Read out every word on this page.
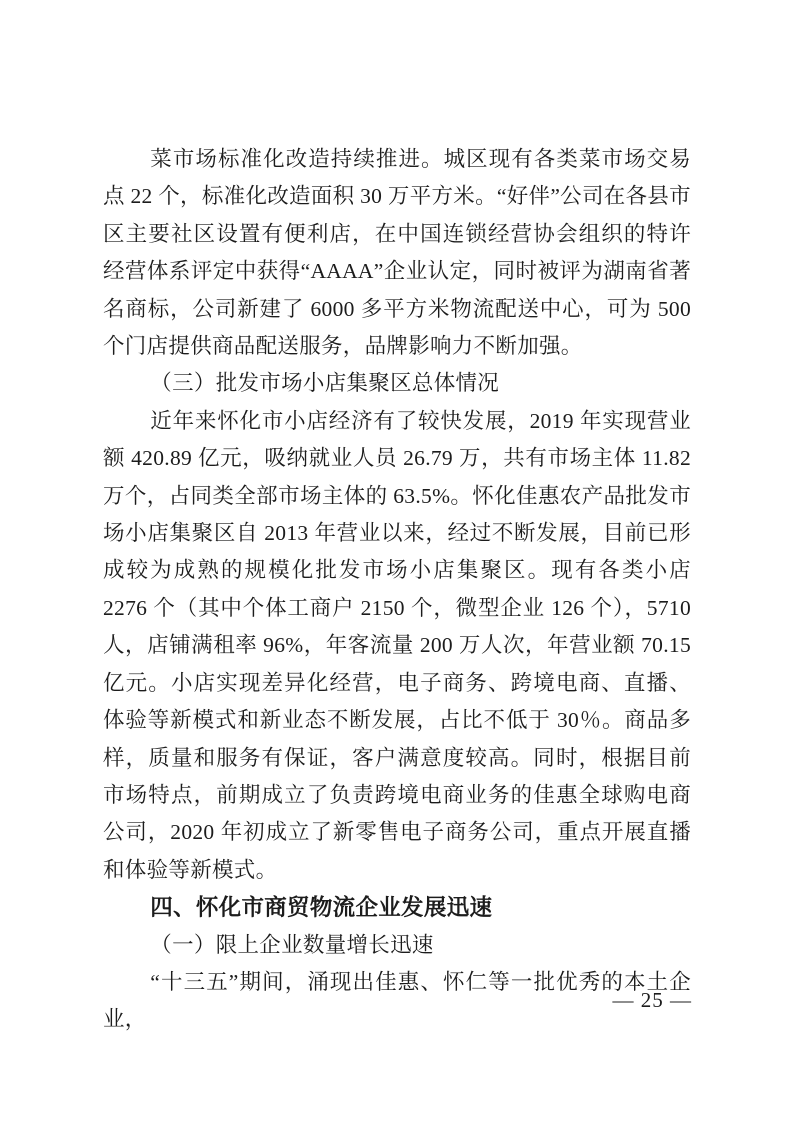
菜市场标准化改造持续推进。城区现有各类菜市场交易点 22 个，标准化改造面积 30 万平方米。“好伴”公司在各县市区主要社区设置有便利店，在中国连锁经营协会组织的特许经营体系评定中获得“AAAA”企业认定，同时被评为湖南省著名商标，公司新建了 6000 多平方米物流配送中心，可为 500 个门店提供商品配送服务，品牌影响力不断加强。

（三）批发市场小店集聚区总体情况

近年来怀化市小店经济有了较快发展，2019 年实现营业额 420.89 亿元，吸纳就业人员 26.79 万，共有市场主体 11.82 万个，占同类全部市场主体的 63.5%。怀化佳惠农产品批发市场小店集聚区自 2013 年营业以来，经过不断发展，目前已形成较为成熟的规模化批发市场小店集聚区。现有各类小店 2276 个（其中个体工商户 2150 个，微型企业 126 个），5710 人，店铺满租率 96%，年客流量 200 万人次，年营业额 70.15 亿元。小店实现差异化经营，电子商务、跨境电商、直播、体验等新模式和新业态不断发展，占比不低于 30％。商品多样，质量和服务有保证，客户满意度较高。同时，根据目前市场特点，前期成立了负责跨境电商业务的佳惠全球购电商公司，2020 年初成立了新零售电子商务公司，重点开展直播和体验等新模式。

四、怀化市商贸物流企业发展迅速
（一）限上企业数量增长迅速

“十三五”期间，涌现出佳惠、怀仁等一批优秀的本土企业，

— 25 —
